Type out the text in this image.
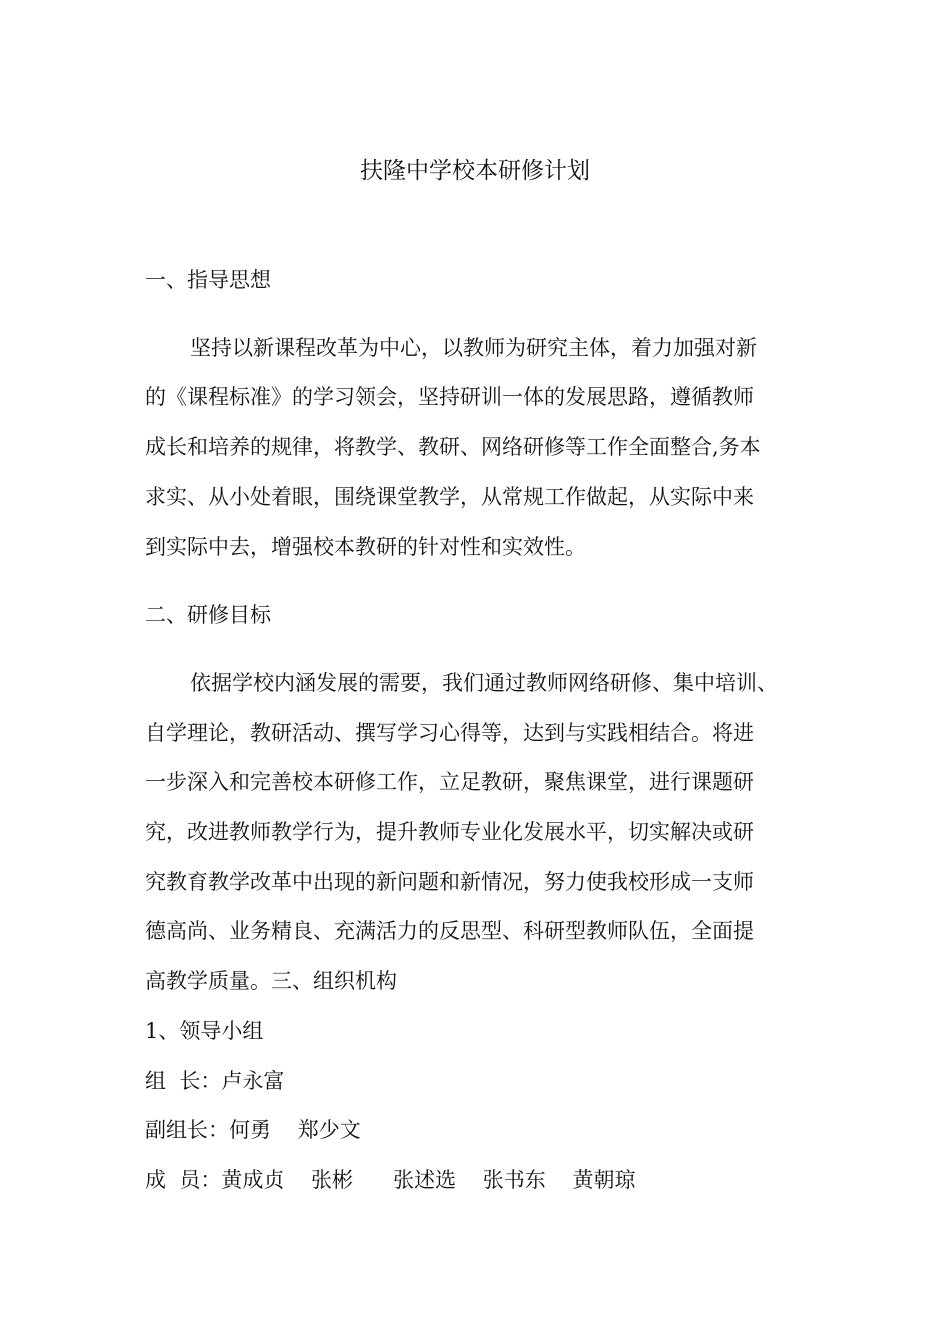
扶隆中学校本研修计划

一、指导思想

坚持以新课程改革为中心，以教师为研究主体，着力加强对新

的《课程标准》的学习领会，坚持研训一体的发展思路，遵循教师

成长和培养的规律，将教学、教研、网络研修等工作全面整合,务本

求实、从小处着眼，围绕课堂教学，从常规工作做起，从实际中来

到实际中去，增强校本教研的针对性和实效性。

二、研修目标

依据学校内涵发展的需要，我们通过教师网络研修、集中培训、

自学理论，教研活动、撰写学习心得等，达到与实践相结合。将进

一步深入和完善校本研修工作，立足教研，聚焦课堂，进行课题研

究，改进教师教学行为，提升教师专业化发展水平，切实解决或研

究教育教学改革中出现的新问题和新情况，努力使我校形成一支师

德高尚、业务精良、充满活力的反思型、科研型教师队伍，全面提

高教学质量。三、组织机构

1、领导小组

组  长：卢永富

副组长：何勇    郑少文

成  员：黄成贞    张彬      张述选    张书东    黄朝琼
